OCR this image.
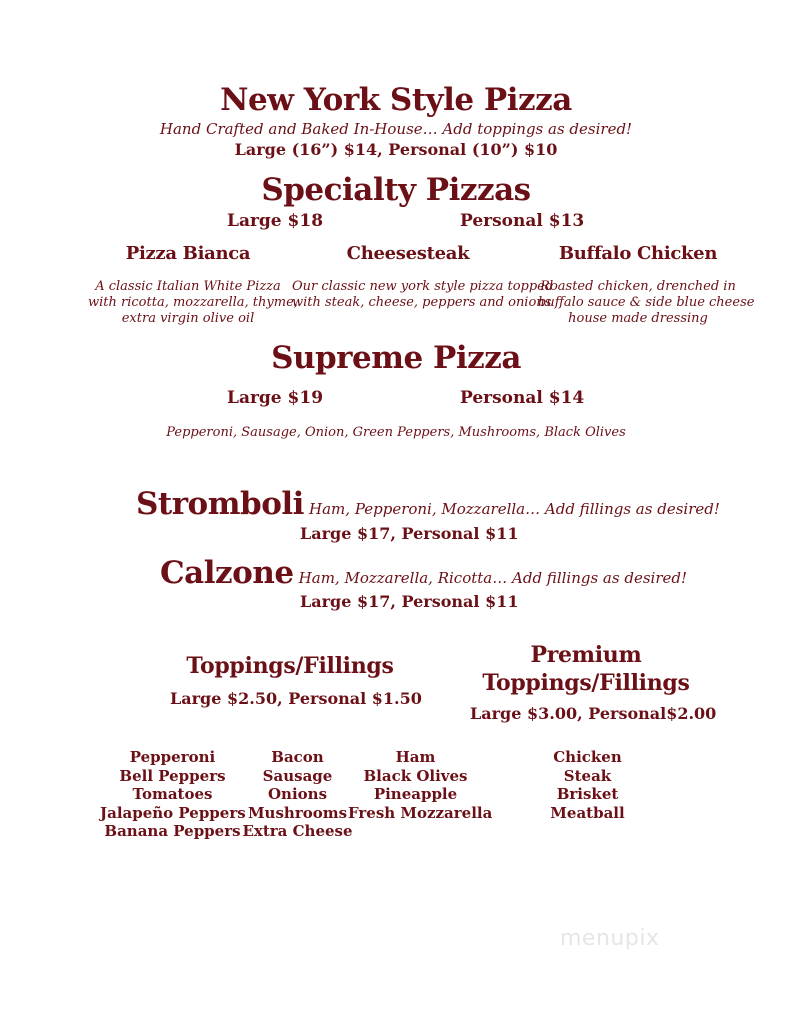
New York Style Pizza
Hand Crafted and Baked In-House… Add toppings as desired!
Large (16”) $14, Personal (10”) $10
Specialty Pizzas
Large $18	Personal $13
Pizza Bianca
A classic Italian White Pizza
with ricotta, mozzarella, thyme,
extra virgin olive oil
Cheesesteak
Our classic new york style pizza topped
with steak, cheese, peppers and onions
Buffalo Chicken
Roasted chicken, drenched in
buffalo sauce & side blue cheese
house made dressing
Supreme Pizza
Large $19	Personal $14
Pepperoni, Sausage, Onion, Green Peppers, Mushrooms, Black Olives
Stromboli Ham, Pepperoni, Mozzarella… Add fillings as desired!
Large $17, Personal $11
Calzone Ham, Mozzarella, Ricotta… Add fillings as desired!
Large $17, Personal $11
Toppings/Fillings
Large $2.50, Personal $1.50
Premium
Toppings/Fillings
Large $3.00, Personal$2.00
Pepperoni
Bell Peppers
Tomatoes
Jalapeño Peppers
Banana Peppers
Bacon
Sausage
Onions
Mushrooms
Extra Cheese
Ham
Black Olives
Pineapple
Fresh Mozzarella
Chicken
Steak
Brisket
Meatball
menupix
